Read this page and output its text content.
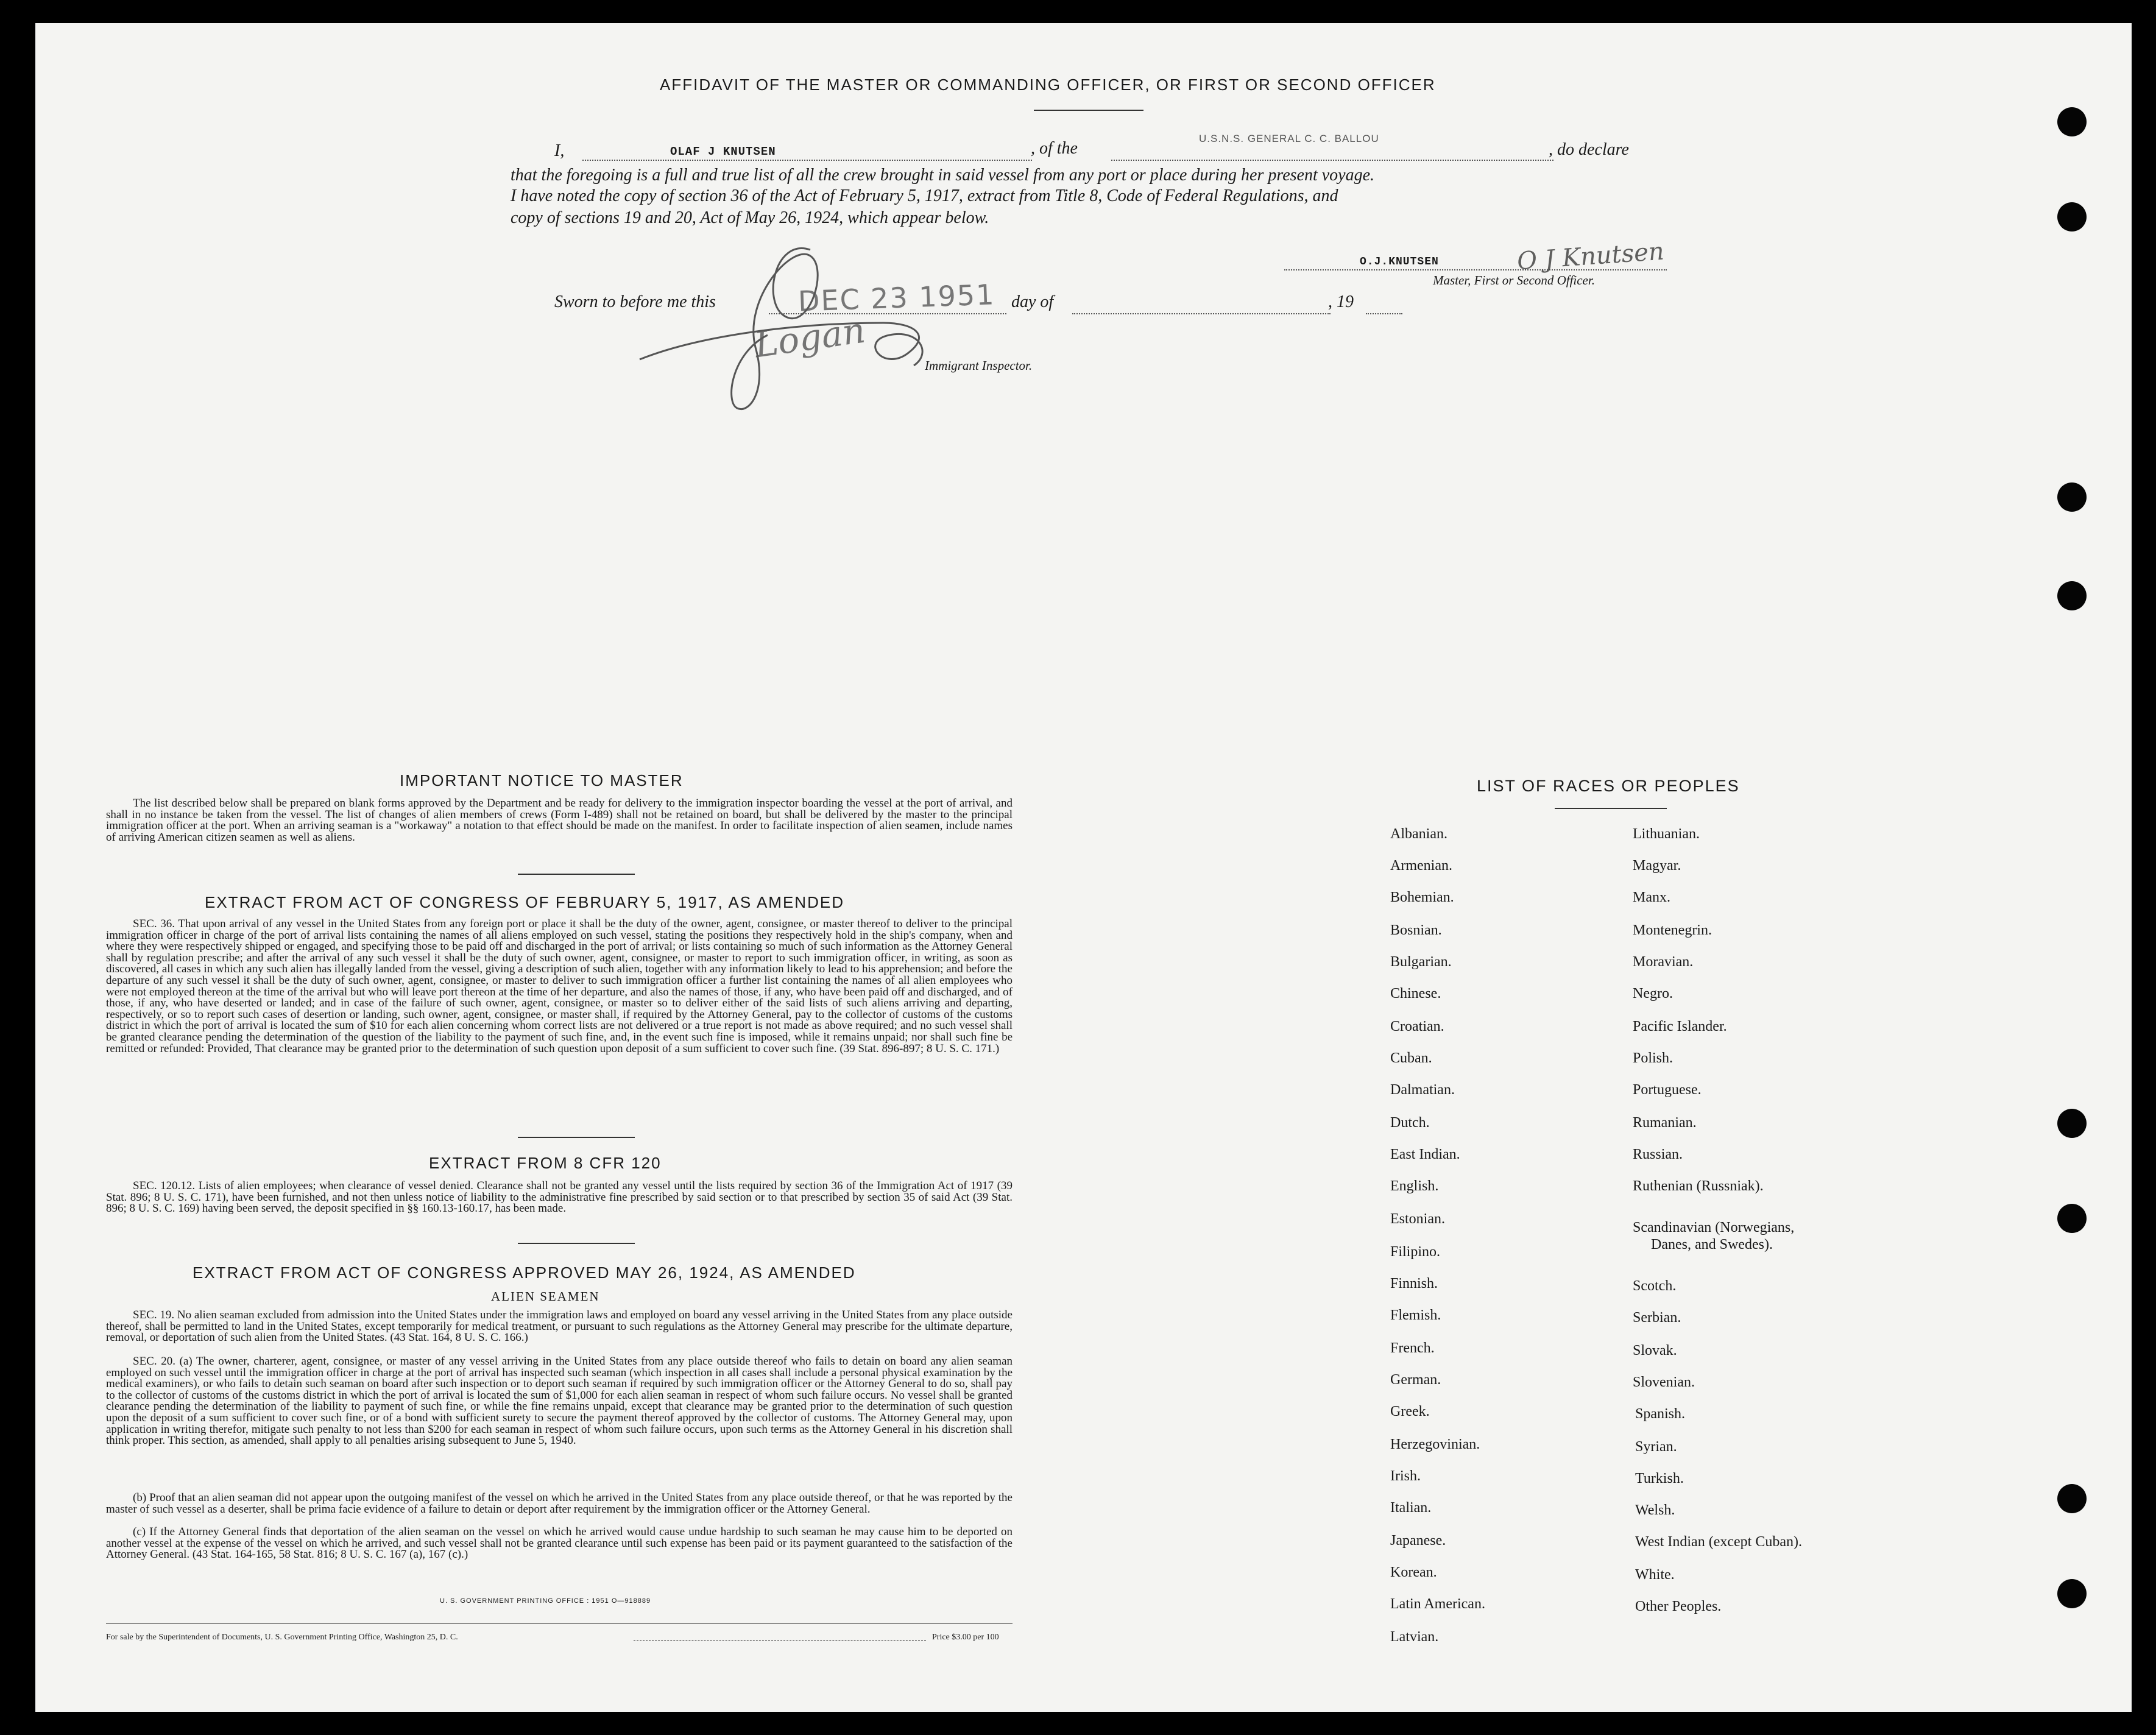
AFFIDAVIT OF THE MASTER OR COMMANDING OFFICER, OR FIRST OR SECOND OFFICER
I,	OLAF J KNUTSEN	, of the
U.S.N.S. GENERAL C. C. BALLOU
, do declare
that the foregoing is a full and true list of all the crew brought in said vessel from any port or place during her present voyage.
I have noted the copy of section 36 of the Act of February 5, 1917, extract from Title 8, Code of Federal Regulations, and
copy of sections 19 and 20, Act of May 26, 1924, which appear below.
O.J.KNUTSEN	O J Knutsen
Master, First or Second Officer.
Sworn to before me this	DEC 23 1951 day of	, 19
Logan	Immigrant Inspector.
IMPORTANT NOTICE TO MASTER

The list described below shall be prepared on blank forms approved by the Department and be ready for delivery to the immigration inspector boarding the vessel at the port of arrival, and shall in no instance be taken from the vessel. The list of changes of alien members of crews (Form I-489) shall not be retained on board, but shall be delivered by the master to the principal immigration officer at the port. When an arriving seaman is a "workaway" a notation to that effect should be made on the manifest. In order to facilitate inspection of alien seamen, include names of arriving American citizen seamen as well as aliens.

EXTRACT FROM ACT OF CONGRESS OF FEBRUARY 5, 1917, AS AMENDED

SEC. 36. That upon arrival of any vessel in the United States from any foreign port or place it shall be the duty of the owner, agent, consignee, or master thereof to deliver to the principal immigration officer in charge of the port of arrival lists containing the names of all aliens employed on such vessel, stating the positions they respectively hold in the ship's company, when and where they were respectively shipped or engaged, and specifying those to be paid off and discharged in the port of arrival; or lists containing so much of such information as the Attorney General shall by regulation prescribe; and after the arrival of any such vessel it shall be the duty of such owner, agent, consignee, or master to report to such immigration officer, in writing, as soon as discovered, all cases in which any such alien has illegally landed from the vessel, giving a description of such alien, together with any information likely to lead to his apprehension; and before the departure of any such vessel it shall be the duty of such owner, agent, consignee, or master to deliver to such immigration officer a further list containing the names of all alien employees who were not employed thereon at the time of the arrival but who will leave port thereon at the time of her departure, and also the names of those, if any, who have been paid off and discharged, and of those, if any, who have deserted or landed; and in case of the failure of such owner, agent, consignee, or master so to deliver either of the said lists of such aliens arriving and departing, respectively, or so to report such cases of desertion or landing, such owner, agent, consignee, or master shall, if required by the Attorney General, pay to the collector of customs of the customs district in which the port of arrival is located the sum of $10 for each alien concerning whom correct lists are not delivered or a true report is not made as above required; and no such vessel shall be granted clearance pending the determination of the question of the liability to the payment of such fine, and, in the event such fine is imposed, while it remains unpaid; nor shall such fine be remitted or refunded: Provided, That clearance may be granted prior to the determination of such question upon deposit of a sum sufficient to cover such fine. (39 Stat. 896-897; 8 U. S. C. 171.)

EXTRACT FROM 8 CFR 120

SEC. 120.12. Lists of alien employees; when clearance of vessel denied. Clearance shall not be granted any vessel until the lists required by section 36 of the Immigration Act of 1917 (39 Stat. 896; 8 U. S. C. 171), have been furnished, and not then unless notice of liability to the administrative fine prescribed by said section or to that prescribed by section 35 of said Act (39 Stat. 896; 8 U. S. C. 169) having been served, the deposit specified in §§ 160.13-160.17, has been made.

EXTRACT FROM ACT OF CONGRESS APPROVED MAY 26, 1924, AS AMENDED
ALIEN SEAMEN

SEC. 19. No alien seaman excluded from admission into the United States under the immigration laws and employed on board any vessel arriving in the United States from any place outside thereof, shall be permitted to land in the United States, except temporarily for medical treatment, or pursuant to such regulations as the Attorney General may prescribe for the ultimate departure, removal, or deportation of such alien from the United States. (43 Stat. 164, 8 U. S. C. 166.)

SEC. 20. (a) The owner, charterer, agent, consignee, or master of any vessel arriving in the United States from any place outside thereof who fails to detain on board any alien seaman employed on such vessel until the immigration officer in charge at the port of arrival has inspected such seaman (which inspection in all cases shall include a personal physical examination by the medical examiners), or who fails to detain such seaman on board after such inspection or to deport such seaman if required by such immigration officer or the Attorney General to do so, shall pay to the collector of customs of the customs district in which the port of arrival is located the sum of $1,000 for each alien seaman in respect of whom such failure occurs. No vessel shall be granted clearance pending the determination of the liability to payment of such fine, or while the fine remains unpaid, except that clearance may be granted prior to the determination of such question upon the deposit of a sum sufficient to cover such fine, or of a bond with sufficient surety to secure the payment thereof approved by the collector of customs. The Attorney General may, upon application in writing therefor, mitigate such penalty to not less than $200 for each seaman in respect of whom such failure occurs, upon such terms as the Attorney General in his discretion shall think proper. This section, as amended, shall apply to all penalties arising subsequent to June 5, 1940.

(b) Proof that an alien seaman did not appear upon the outgoing manifest of the vessel on which he arrived in the United States from any place outside thereof, or that he was reported by the master of such vessel as a deserter, shall be prima facie evidence of a failure to detain or deport after requirement by the immigration officer or the Attorney General.

(c) If the Attorney General finds that deportation of the alien seaman on the vessel on which he arrived would cause undue hardship to such seaman he may cause him to be deported on another vessel at the expense of the vessel on which he arrived, and such vessel shall not be granted clearance until such expense has been paid or its payment guaranteed to the satisfaction of the Attorney General. (43 Stat. 164-165, 58 Stat. 816; 8 U. S. C. 167 (a), 167 (c).)

U. S. GOVERNMENT PRINTING OFFICE : 1951 O—918889
For sale by the Superintendent of Documents, U. S. Government Printing Office, Washington 25, D. C.	Price $3.00 per 100
LIST OF RACES OR PEOPLES
Albanian.
Armenian.
Bohemian.
Bosnian.
Bulgarian.
Chinese.
Croatian.
Cuban.
Dalmatian.
Dutch.
East Indian.
English.
Estonian.
Filipino.
Finnish.
Flemish.
French.
German.
Greek.
Herzegovinian.
Irish.
Italian.
Japanese.
Korean.
Latin American.
Latvian.
Lithuanian.
Magyar.
Manx.
Montenegrin.
Moravian.
Negro.
Pacific Islander.
Polish.
Portuguese.
Rumanian.
Russian.
Ruthenian (Russniak).
Scandinavian (Norwegians,
Danes, and Swedes).
Scotch.
Serbian.
Slovak.
Slovenian.
Spanish.
Syrian.
Turkish.
Welsh.
West Indian (except Cuban).
White.
Other Peoples.
